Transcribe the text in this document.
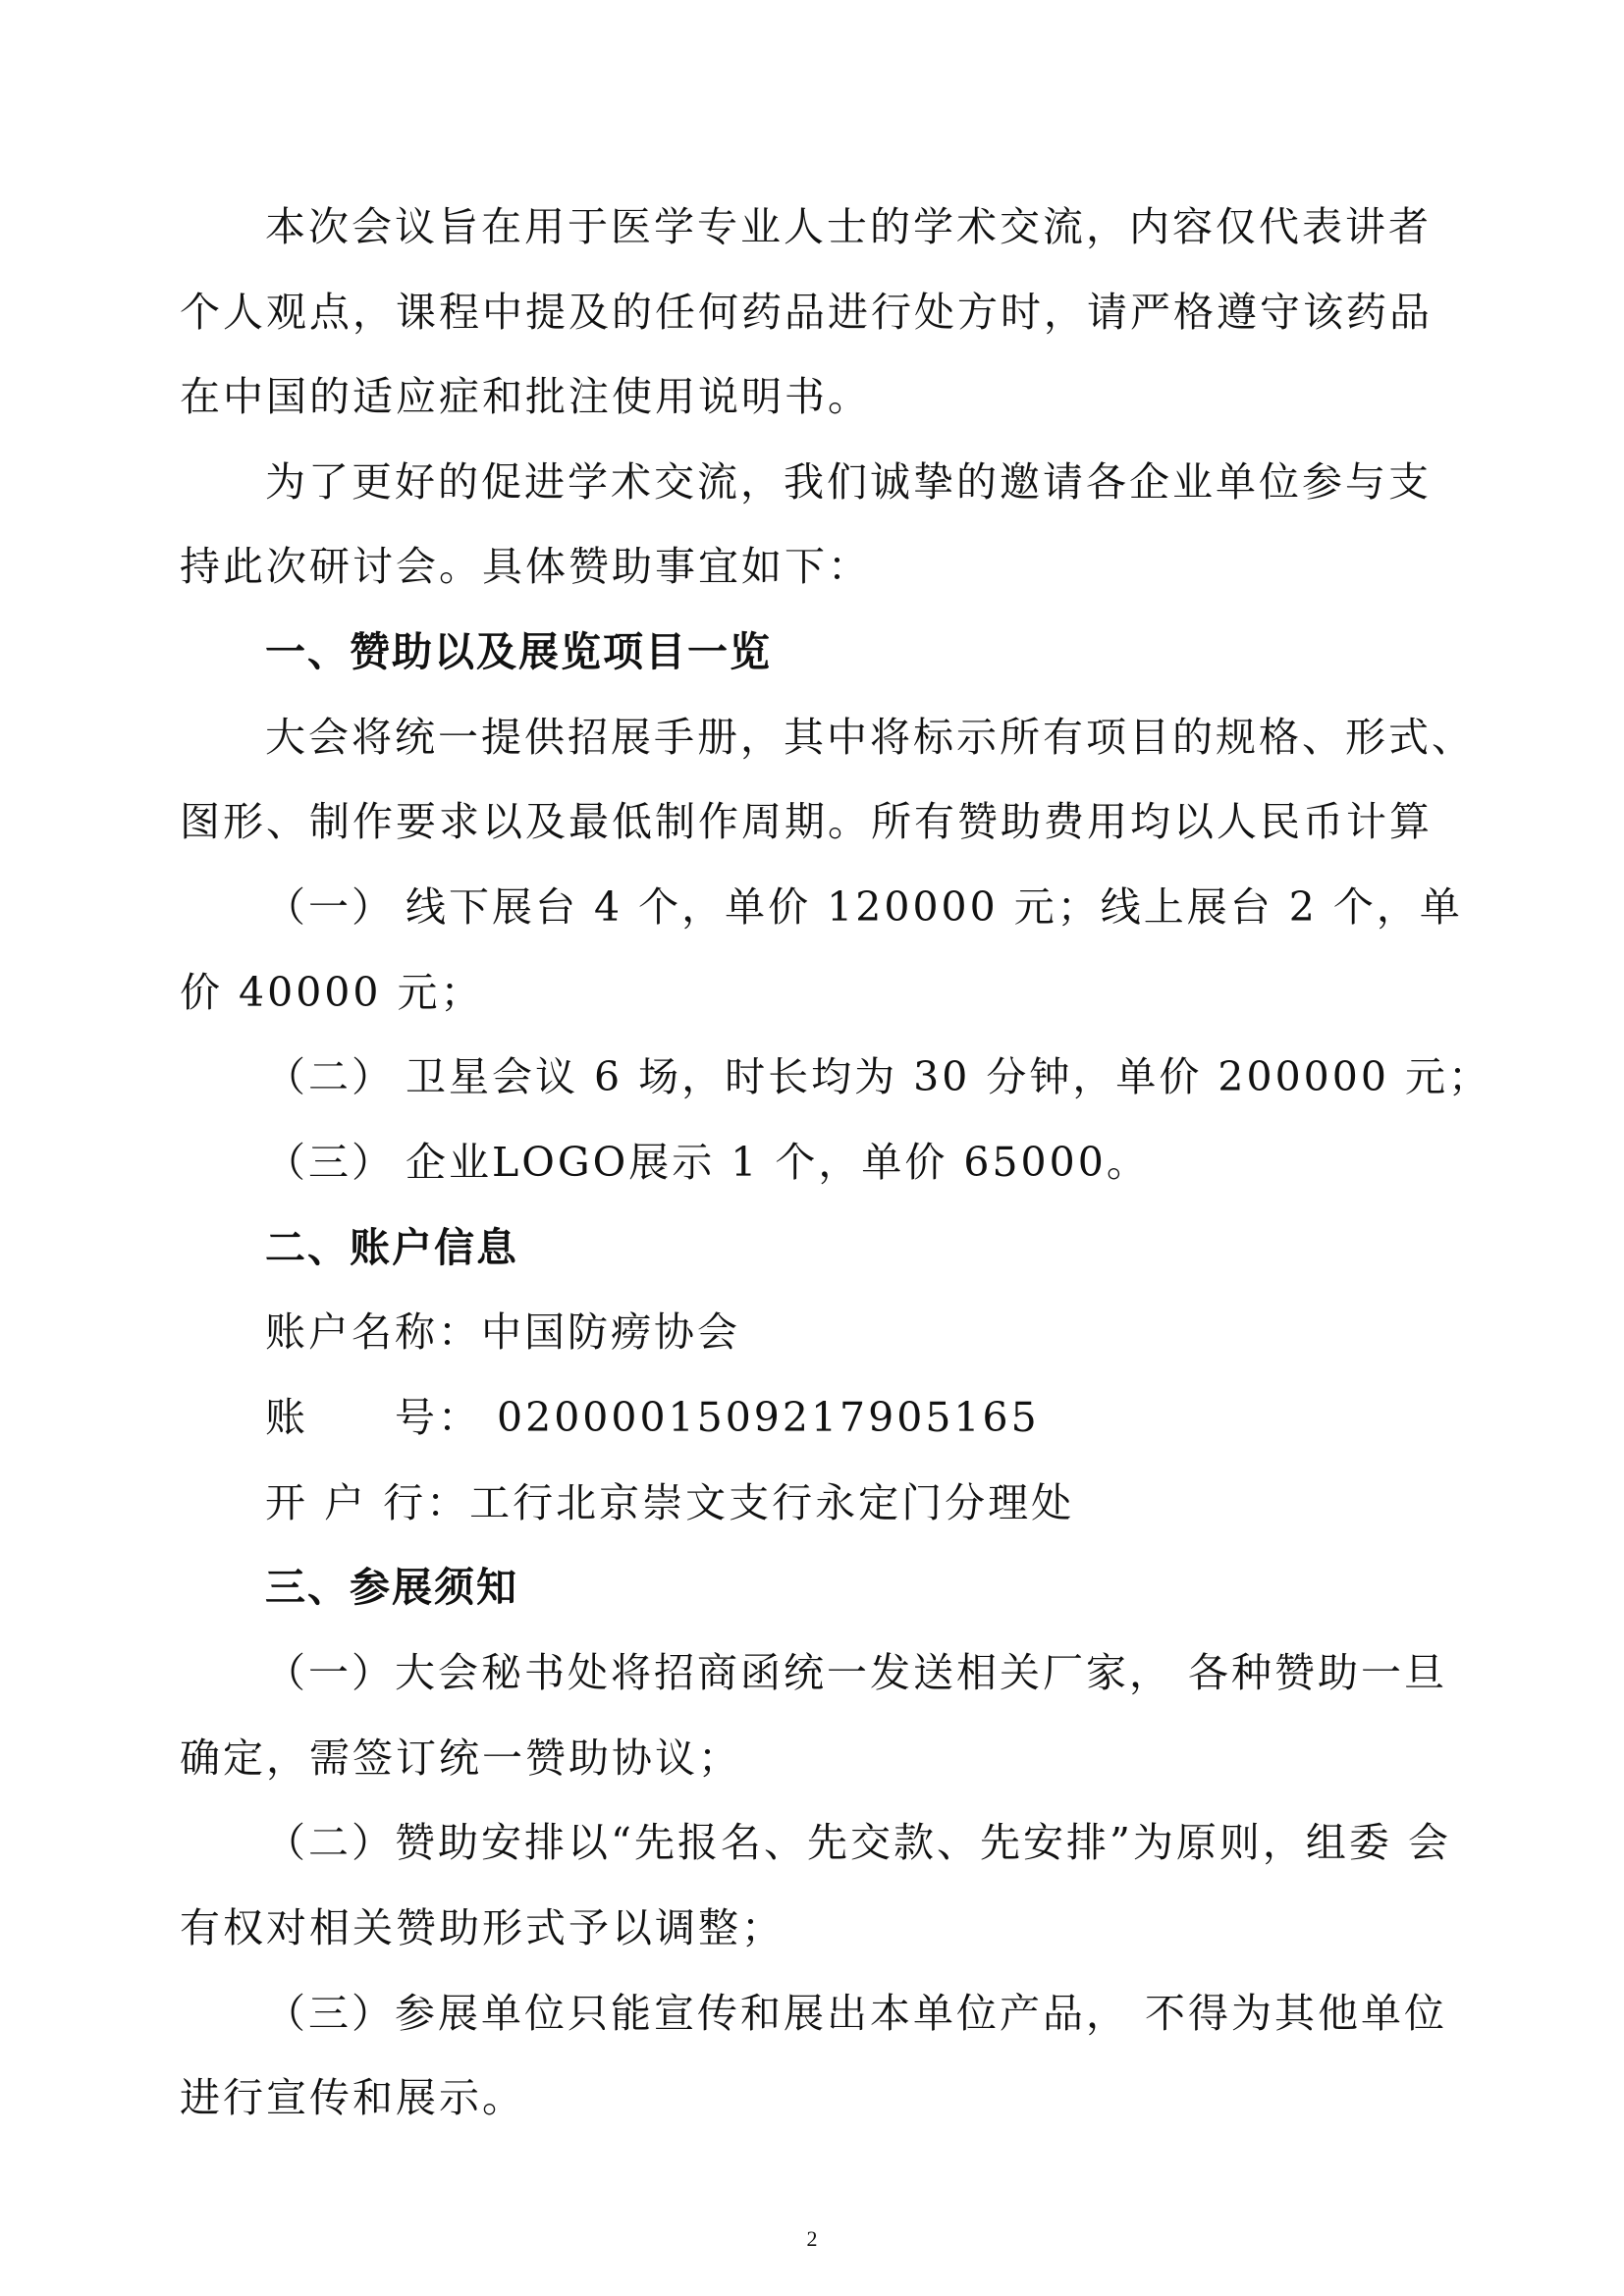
本次会议旨在用于医学专业人士的学术交流，内容仅代表讲者
个人观点，课程中提及的任何药品进行处方时，请严格遵守该药品
在中国的适应症和批注使用说明书。
为了更好的促进学术交流，我们诚挚的邀请各企业单位参与支
持此次研讨会。具体赞助事宜如下：
一、赞助以及展览项目一览
大会将统一提供招展手册，其中将标示所有项目的规格、形式、
图形、制作要求以及最低制作周期。所有赞助费用均以人民币计算
（一） 线下展台 4 个，单价 120000 元；线上展台 2 个，单
价 40000 元；
（二） 卫星会议 6 场，时长均为 30 分钟，单价 200000 元；
（三） 企业LOGO展示 1 个，单价 65000。
二、账户信息
账户名称：中国防痨协会
账　　号： 0200001509217905165
开 户 行：工行北京崇文支行永定门分理处
三、参展须知
（一）大会秘书处将招商函统一发送相关厂家， 各种赞助一旦
确定，需签订统一赞助协议；
（二）赞助安排以“先报名、先交款、先安排”为原则，组委 会
有权对相关赞助形式予以调整；
（三）参展单位只能宣传和展出本单位产品， 不得为其他单位
进行宣传和展示。
2
